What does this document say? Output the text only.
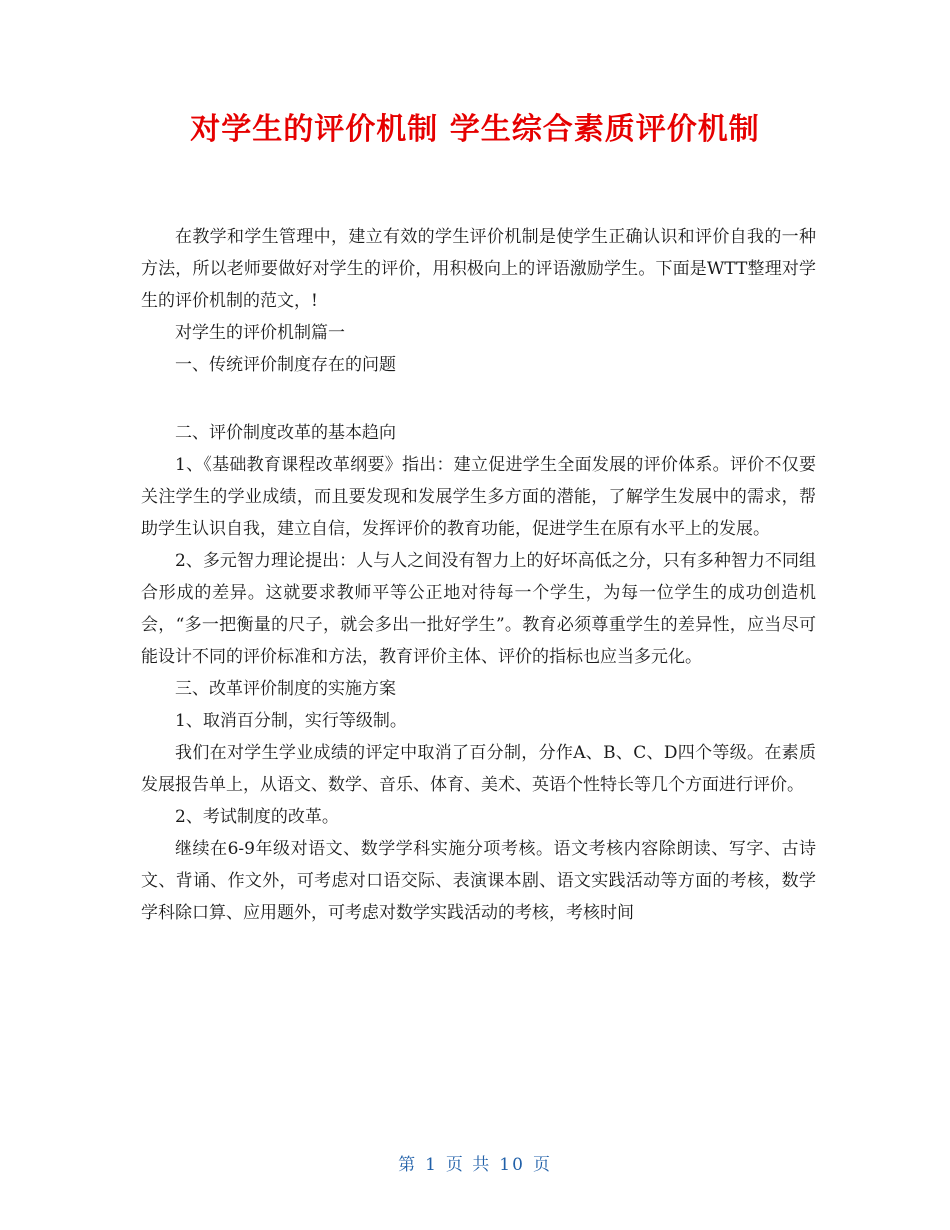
对学生的评价机制 学生综合素质评价机制

在教学和学生管理中，建立有效的学生评价机制是使学生正确认识和评价自我的一种方法，所以老师要做好对学生的评价，用积极向上的评语激励学生。下面是WTT整理对学生的评价机制的范文，!

对学生的评价机制篇一

一、传统评价制度存在的问题

二、评价制度改革的基本趋向

1、《基础教育课程改革纲要》指出：建立促进学生全面发展的评价体系。评价不仅要关注学生的学业成绩，而且要发现和发展学生多方面的潜能，了解学生发展中的需求，帮助学生认识自我，建立自信，发挥评价的教育功能，促进学生在原有水平上的发展。

2、多元智力理论提出：人与人之间没有智力上的好坏高低之分，只有多种智力不同组合形成的差异。这就要求教师平等公正地对待每一个学生，为每一位学生的成功创造机会，“多一把衡量的尺子，就会多出一批好学生”。教育必须尊重学生的差异性，应当尽可能设计不同的评价标准和方法，教育评价主体、评价的指标也应当多元化。

三、改革评价制度的实施方案

1、取消百分制，实行等级制。

我们在对学生学业成绩的评定中取消了百分制，分作A、B、C、D四个等级。在素质发展报告单上，从语文、数学、音乐、体育、美术、英语个性特长等几个方面进行评价。

2、考试制度的改革。

继续在6-9年级对语文、数学学科实施分项考核。语文考核内容除朗读、写字、古诗文、背诵、作文外，可考虑对口语交际、表演课本剧、语文实践活动等方面的考核，数学学科除口算、应用题外，可考虑对数学实践活动的考核，考核时间

第 1 页 共 10 页
